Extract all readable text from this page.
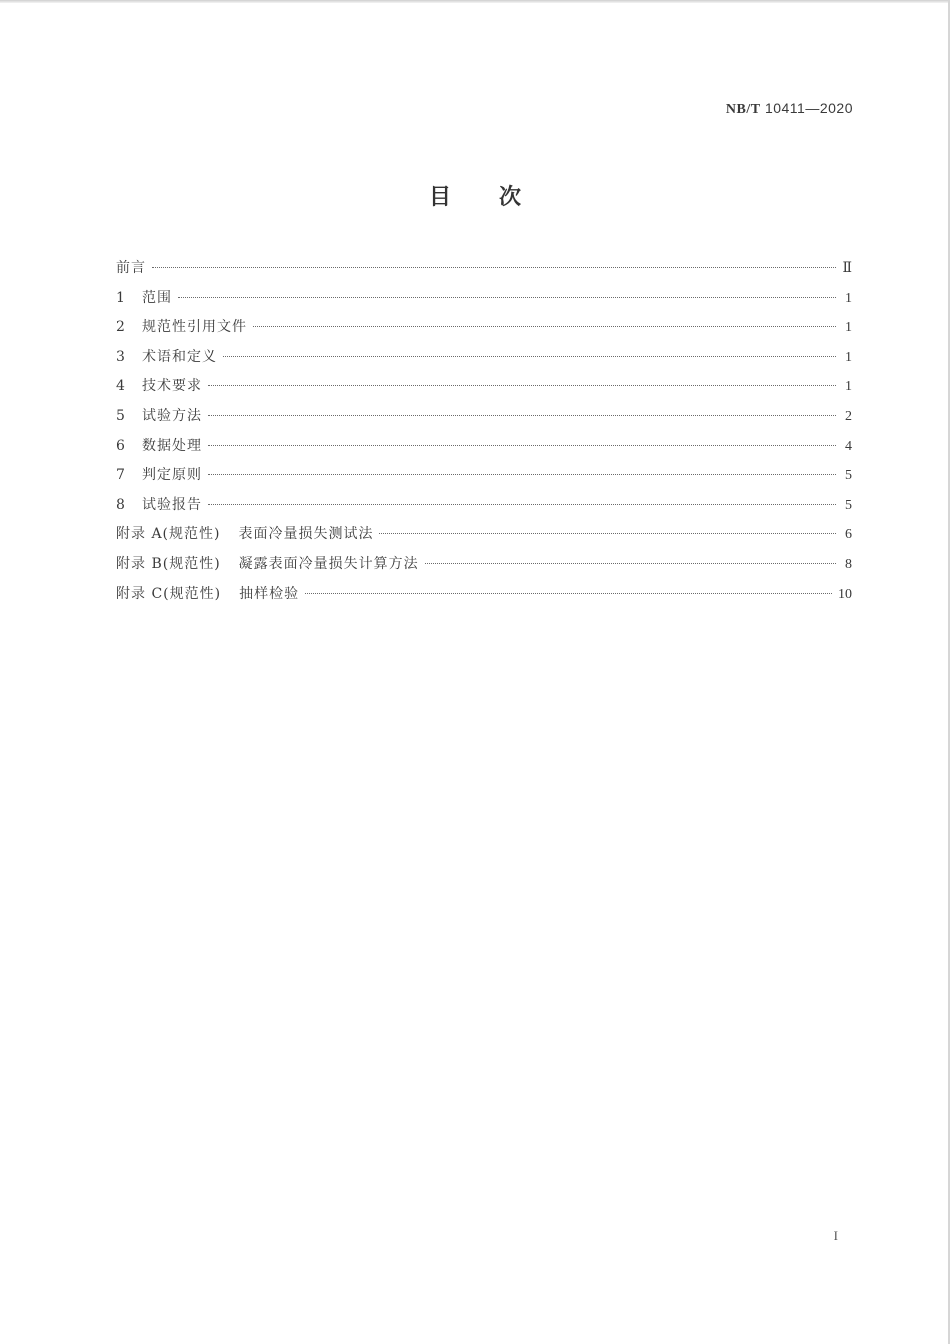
NB/T 10411—2020
目 次
前言	Ⅱ
1	范围	1
2	规范性引用文件	1
3	术语和定义	1
4	技术要求	1
5	试验方法	2
6	数据处理	4
7	判定原则	5
8	试验报告	5
附录 A(规范性) 表面冷量损失测试法	6
附录 B(规范性) 凝露表面冷量损失计算方法	8
附录 C(规范性) 抽样检验	10
I
